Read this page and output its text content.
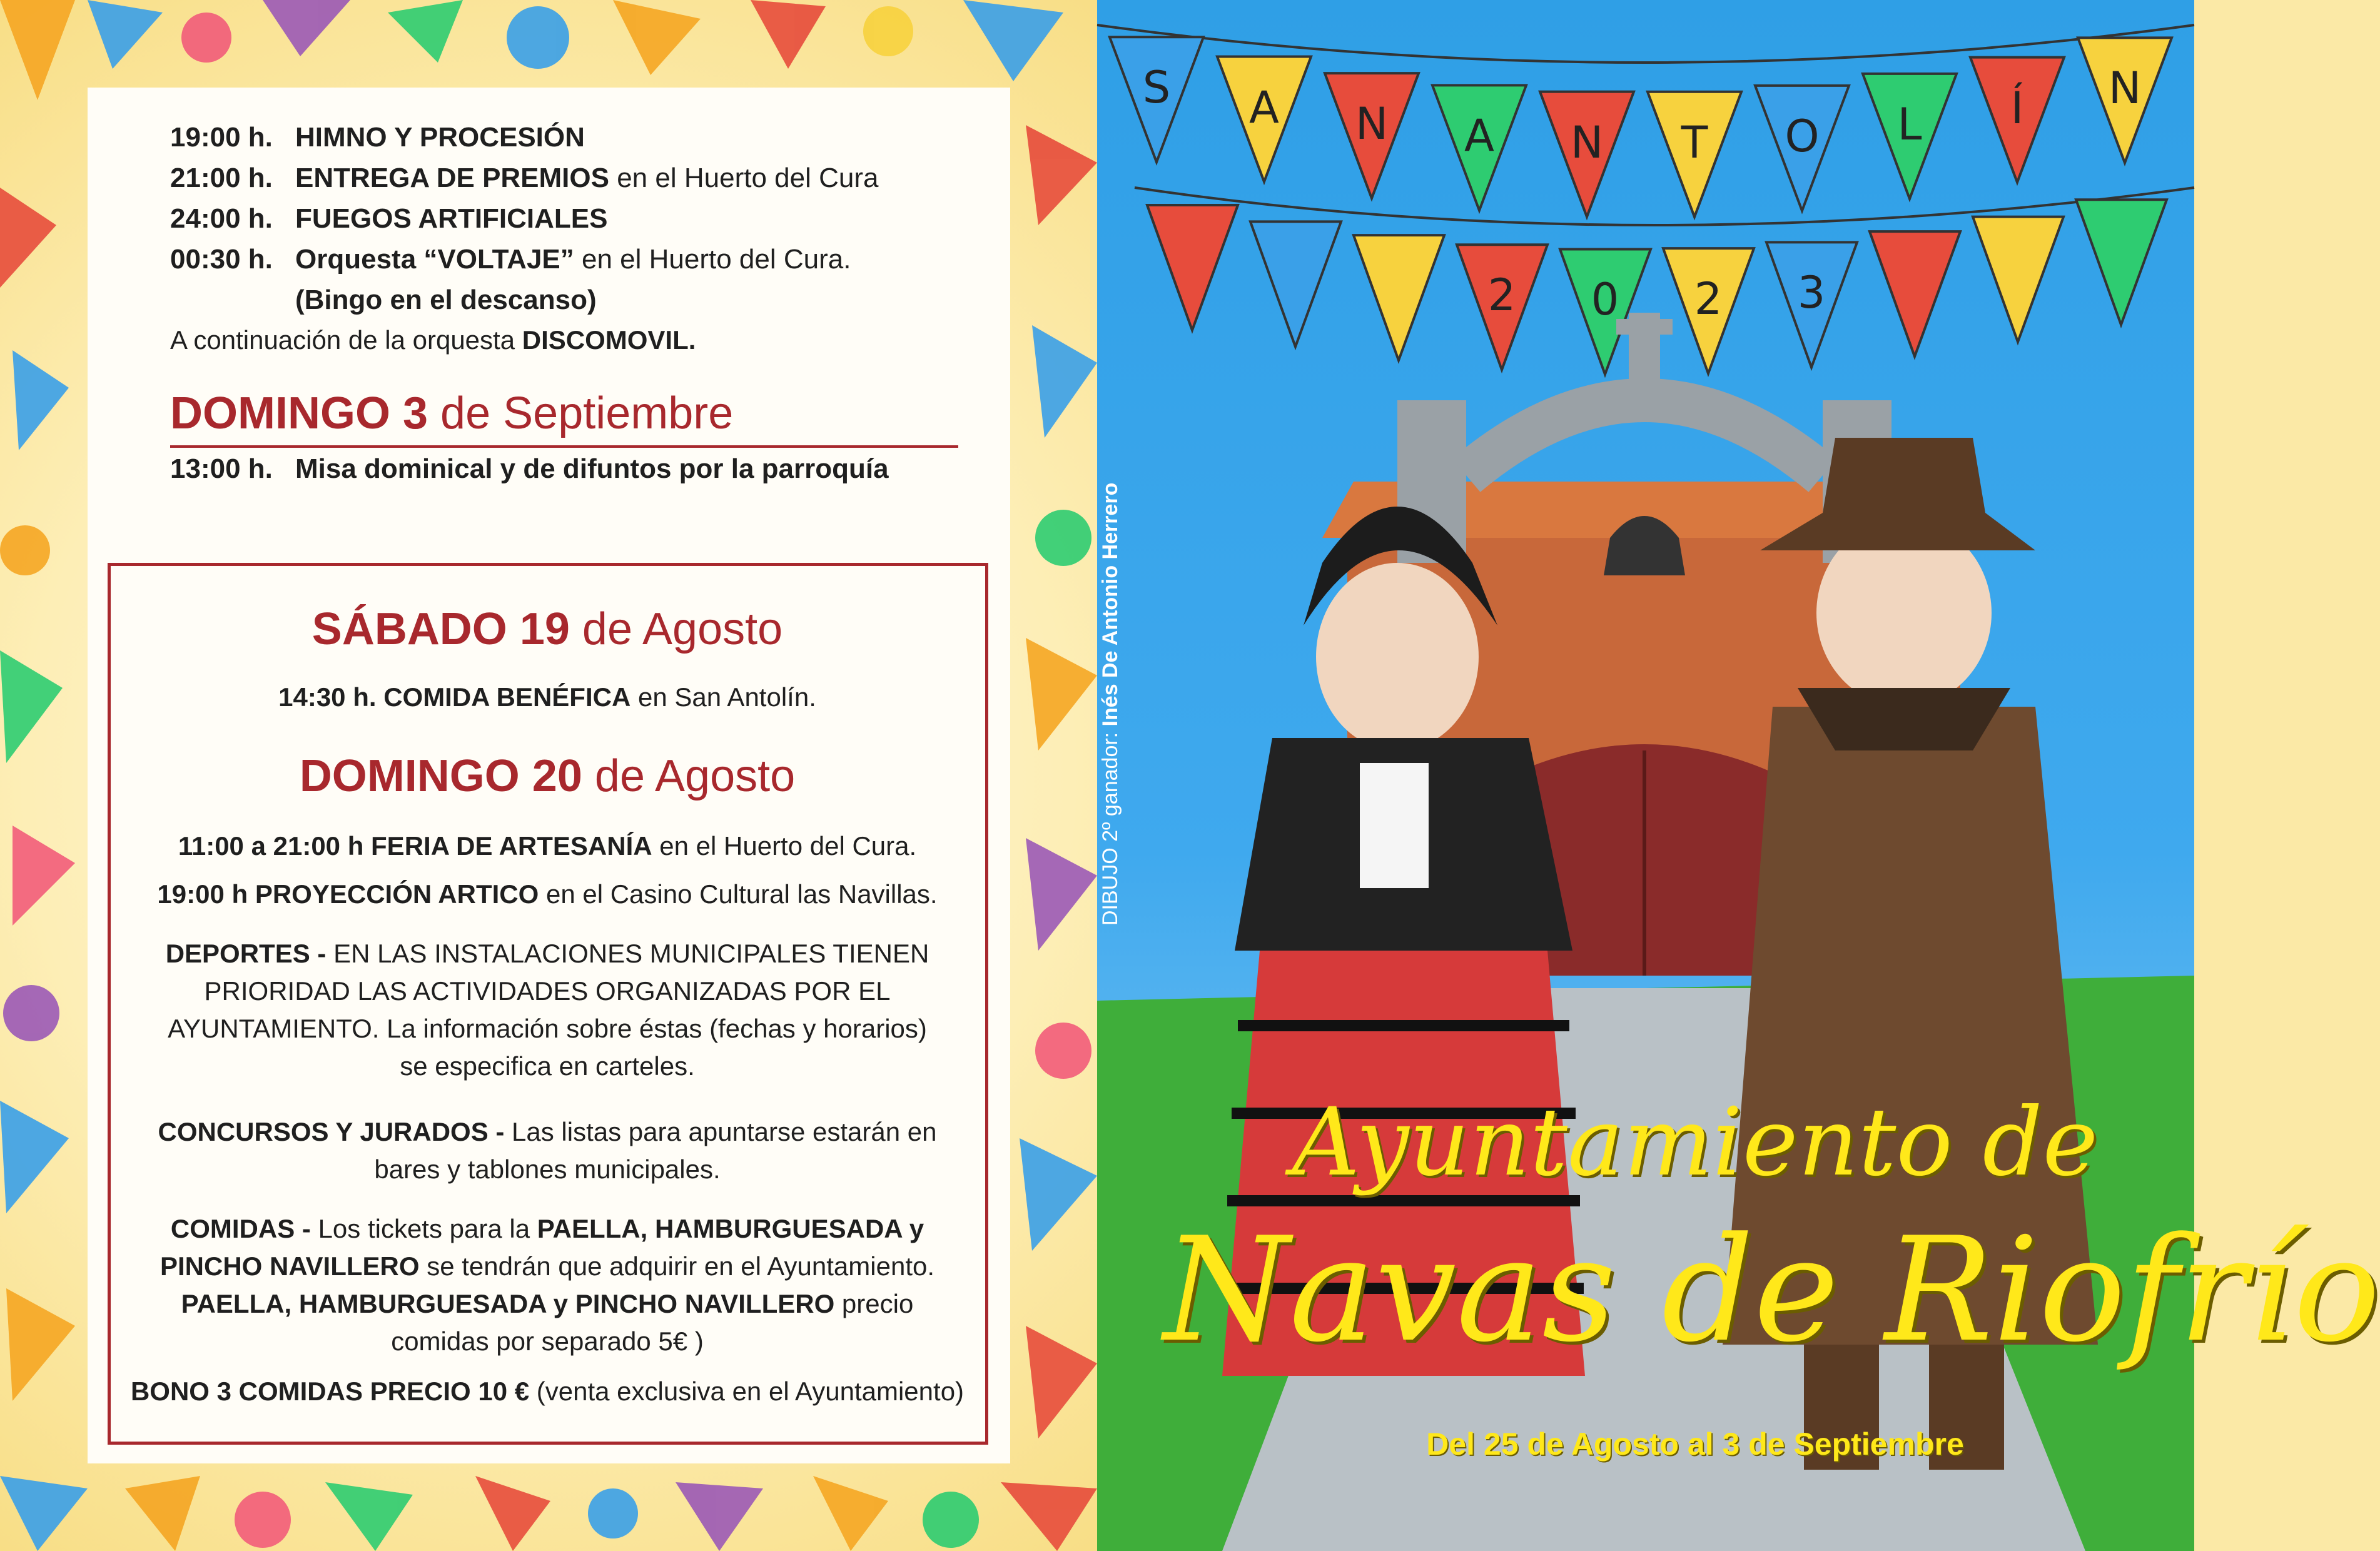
19:00 h. HIMNO Y PROCESIÓN
21:00 h. ENTREGA DE PREMIOS en el Huerto del Cura
24:00 h. FUEGOS ARTIFICIALES
00:30 h. Orquesta “VOLTAJE” en el Huerto del Cura.
(Bingo en el descanso)
A continuación de la orquesta DISCOMOVIL.
DOMINGO 3 de Septiembre
13:00 h. Misa dominical y de difuntos por la parroquía
SÁBADO 19 de Agosto
14:30 h. COMIDA BENÉFICA en San Antolín.
DOMINGO 20 de Agosto
11:00 a 21:00 h FERIA DE ARTESANÍA en el Huerto del Cura.
19:00 h PROYECCIÓN ARTICO en el Casino Cultural las Navillas.
DEPORTES - EN LAS INSTALACIONES MUNICIPALES TIENEN
PRIORIDAD LAS ACTIVIDADES ORGANIZADAS POR EL
AYUNTAMIENTO. La información sobre éstas (fechas y horarios)
se especifica en carteles.
CONCURSOS Y JURADOS - Las listas para apuntarse estarán en
bares y tablones municipales.
COMIDAS - Los tickets para la PAELLA, HAMBURGUESADA y
PINCHO NAVILLERO se tendrán que adquirir en el Ayuntamiento.
PAELLA, HAMBURGUESADA y PINCHO NAVILLERO precio
comidas por separado 5€ )
BONO 3 COMIDAS PRECIO 10 € (venta exclusiva en el Ayuntamiento)
S A N A N T O L Í N
2 0 2 3
DIBUJO 2º ganador: Inés De Antonio Herrero
Ayuntamiento de
Navas de Riofrío
Del 25 de Agosto al 3 de Septiembre
